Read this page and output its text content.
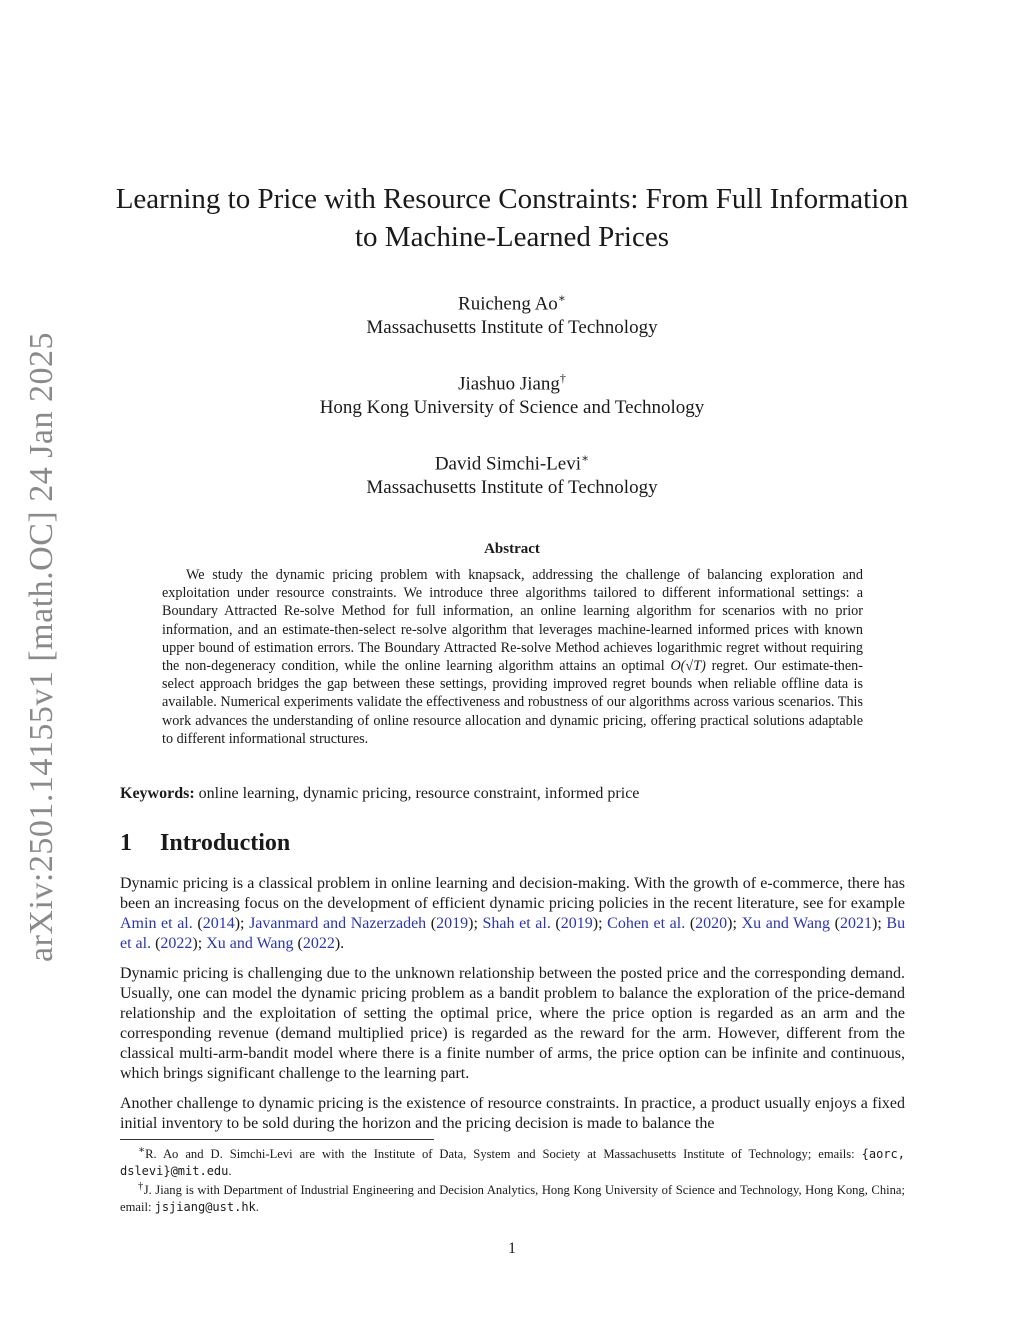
arXiv:2501.14155v1 [math.OC] 24 Jan 2025
Learning to Price with Resource Constraints: From Full Information
to Machine-Learned Prices
Ruicheng Ao∗
Massachusetts Institute of Technology
Jiashuo Jiang†
Hong Kong University of Science and Technology
David Simchi-Levi∗
Massachusetts Institute of Technology
Abstract
We study the dynamic pricing problem with knapsack, addressing the challenge of balancing exploration and exploitation under resource constraints. We introduce three algorithms tailored to different informational settings: a Boundary Attracted Re-solve Method for full information, an online learning algorithm for scenarios with no prior information, and an estimate-then-select re-solve algorithm that leverages machine-learned informed prices with known upper bound of estimation errors. The Boundary Attracted Re-solve Method achieves logarithmic regret without requiring the non-degeneracy condition, while the online learning algorithm attains an optimal O(√T) regret. Our estimate-then-select approach bridges the gap between these settings, providing improved regret bounds when reliable offline data is available. Numerical experiments validate the effectiveness and robustness of our algorithms across various scenarios. This work advances the understanding of online resource allocation and dynamic pricing, offering practical solutions adaptable to different informational structures.
Keywords: online learning, dynamic pricing, resource constraint, informed price
1 Introduction
Dynamic pricing is a classical problem in online learning and decision-making. With the growth of e-commerce, there has been an increasing focus on the development of efficient dynamic pricing policies in the recent literature, see for example Amin et al. (2014); Javanmard and Nazerzadeh (2019); Shah et al. (2019); Cohen et al. (2020); Xu and Wang (2021); Bu et al. (2022); Xu and Wang (2022).
Dynamic pricing is challenging due to the unknown relationship between the posted price and the corresponding demand. Usually, one can model the dynamic pricing problem as a bandit problem to balance the exploration of the price-demand relationship and the exploitation of setting the optimal price, where the price option is regarded as an arm and the corresponding revenue (demand multiplied price) is regarded as the reward for the arm. However, different from the classical multi-arm-bandit model where there is a finite number of arms, the price option can be infinite and continuous, which brings significant challenge to the learning part.
Another challenge to dynamic pricing is the existence of resource constraints. In practice, a product usually enjoys a fixed initial inventory to be sold during the horizon and the pricing decision is made to balance the

∗R. Ao and D. Simchi-Levi are with the Institute of Data, System and Society at Massachusetts Institute of Technology; emails: {aorc, dslevi}@mit.edu.

†J. Jiang is with Department of Industrial Engineering and Decision Analytics, Hong Kong University of Science and Technology, Hong Kong, China; email: jsjiang@ust.hk.

1
